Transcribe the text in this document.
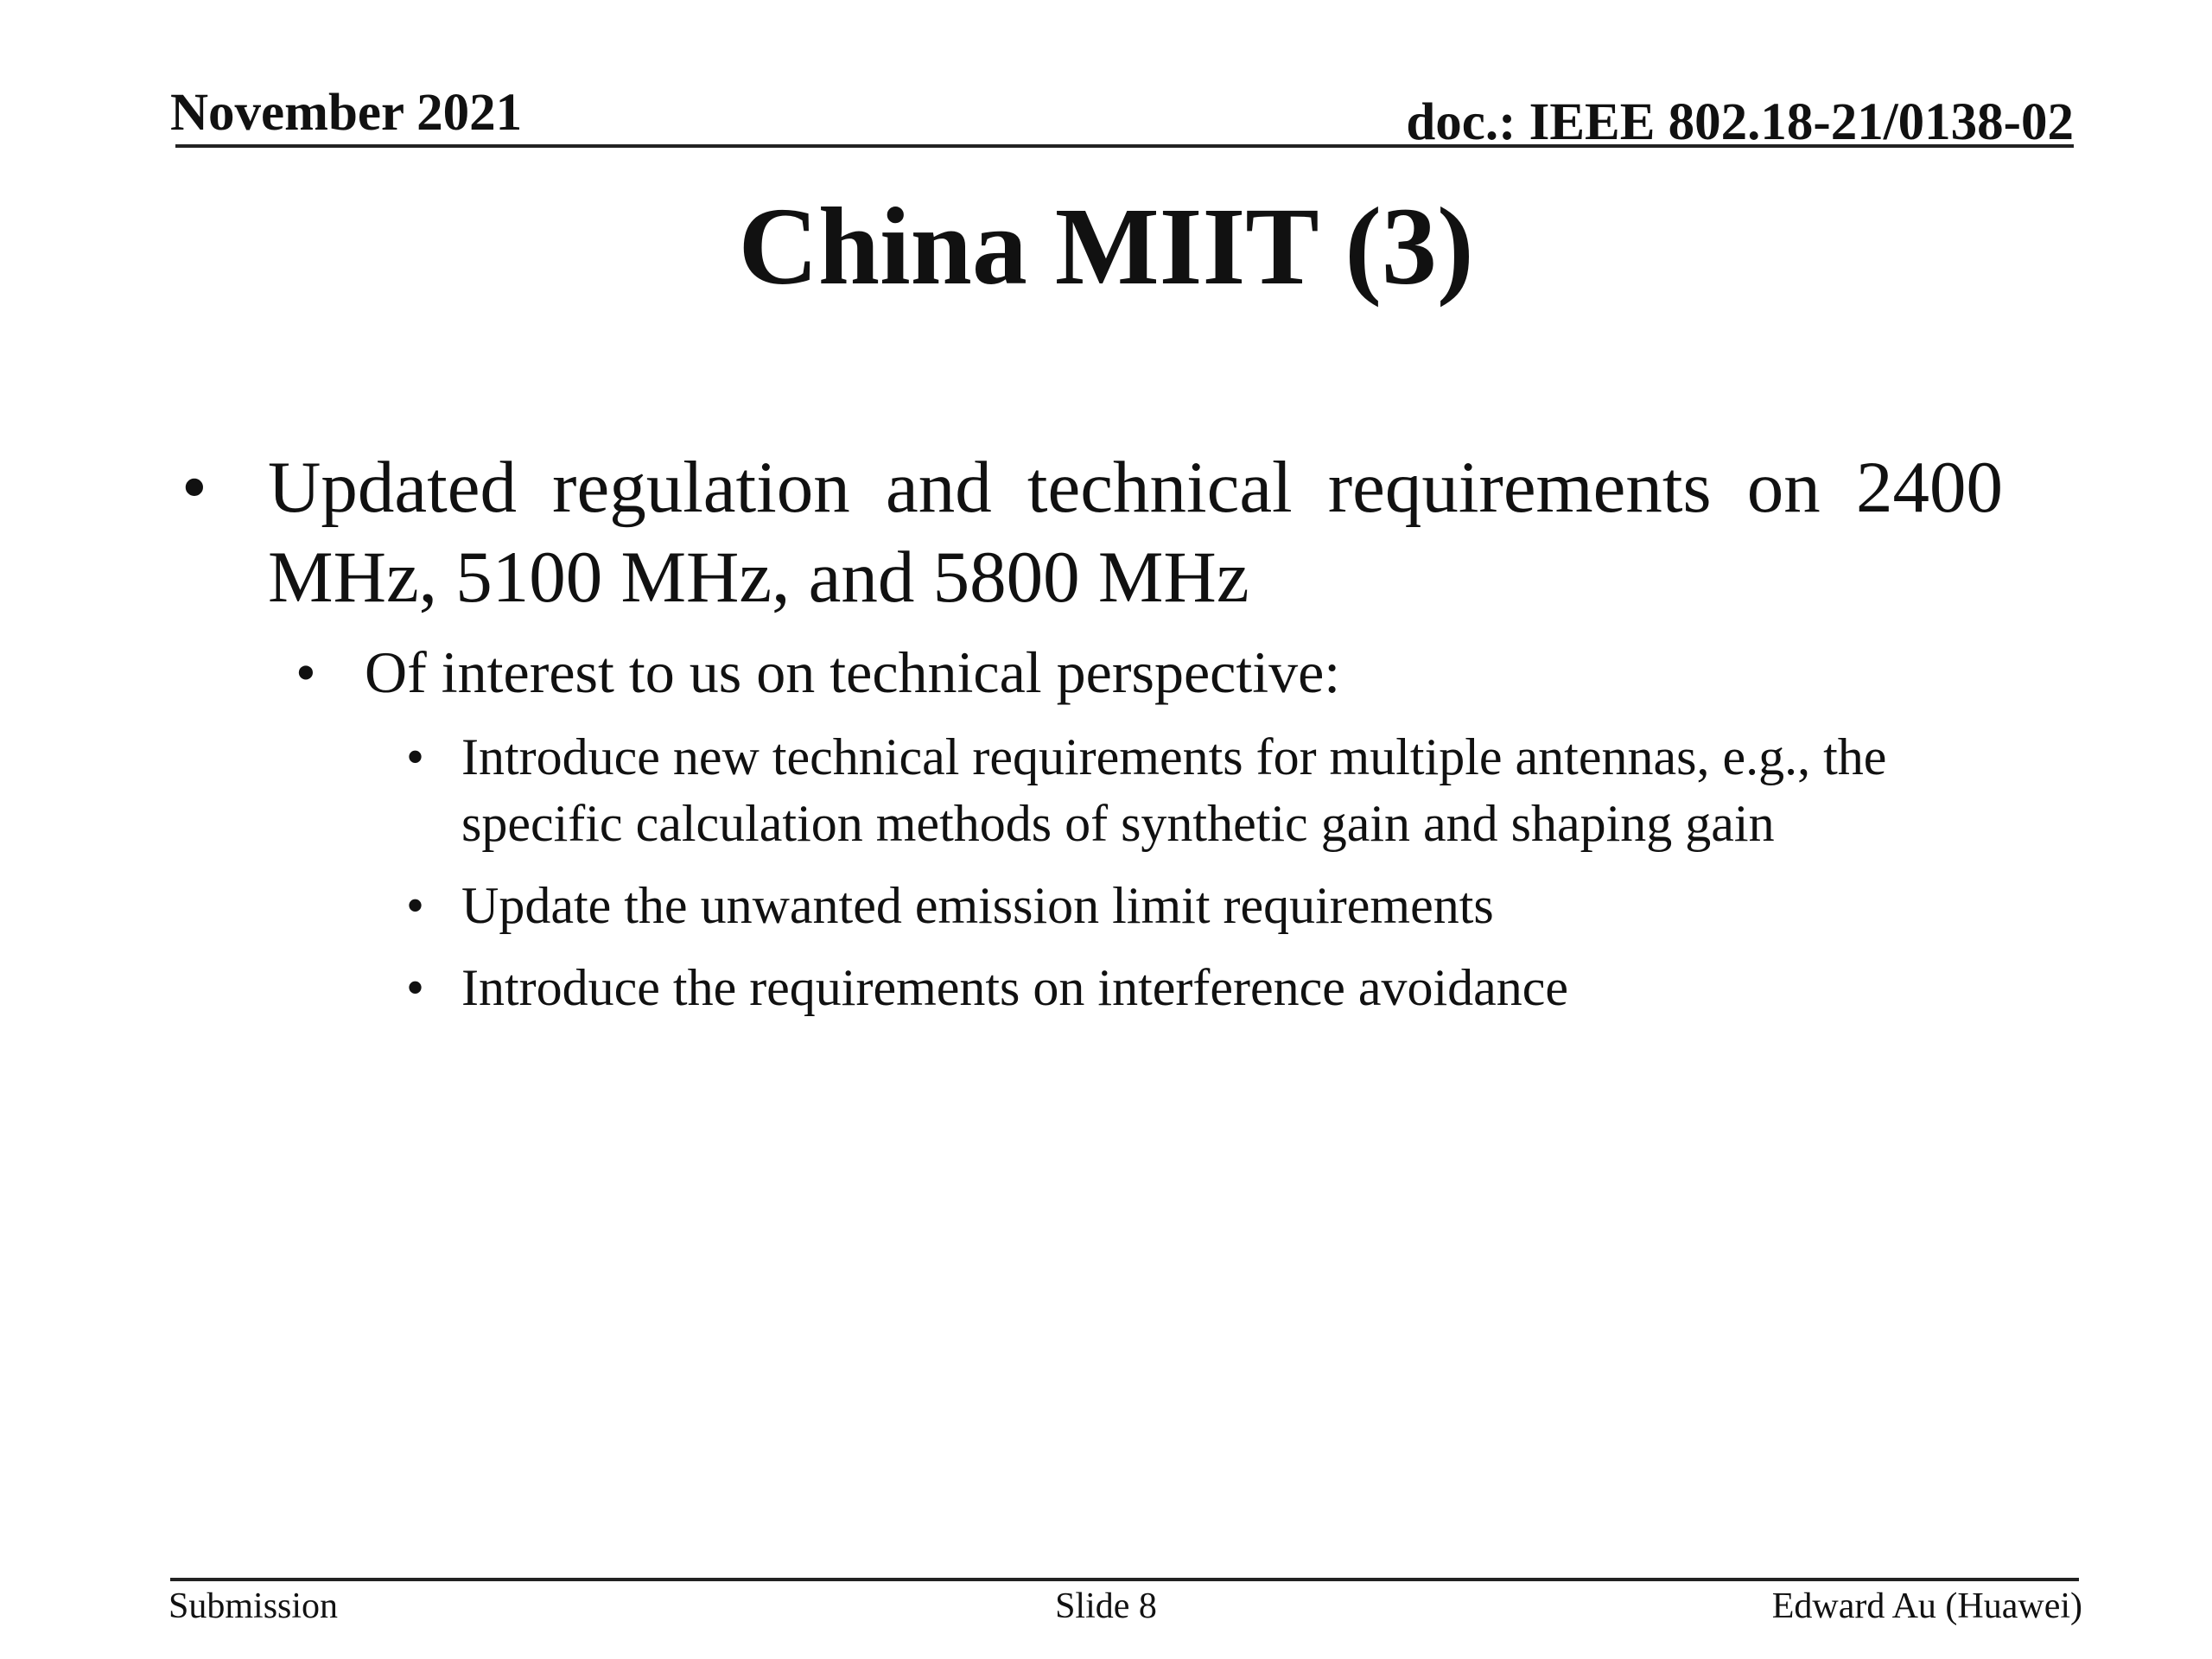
November 2021	doc.: IEEE 802.18-21/0138-02
China MIIT (3)
• Updated regulation and technical requirements on 2400 MHz, 5100 MHz, and 5800 MHz
• Of interest to us on technical perspective:
• Introduce new technical requirements for multiple antennas, e.g., the specific calculation methods of synthetic gain and shaping gain
• Update the unwanted emission limit requirements
• Introduce the requirements on interference avoidance
Submission	Slide 8	Edward Au (Huawei)
